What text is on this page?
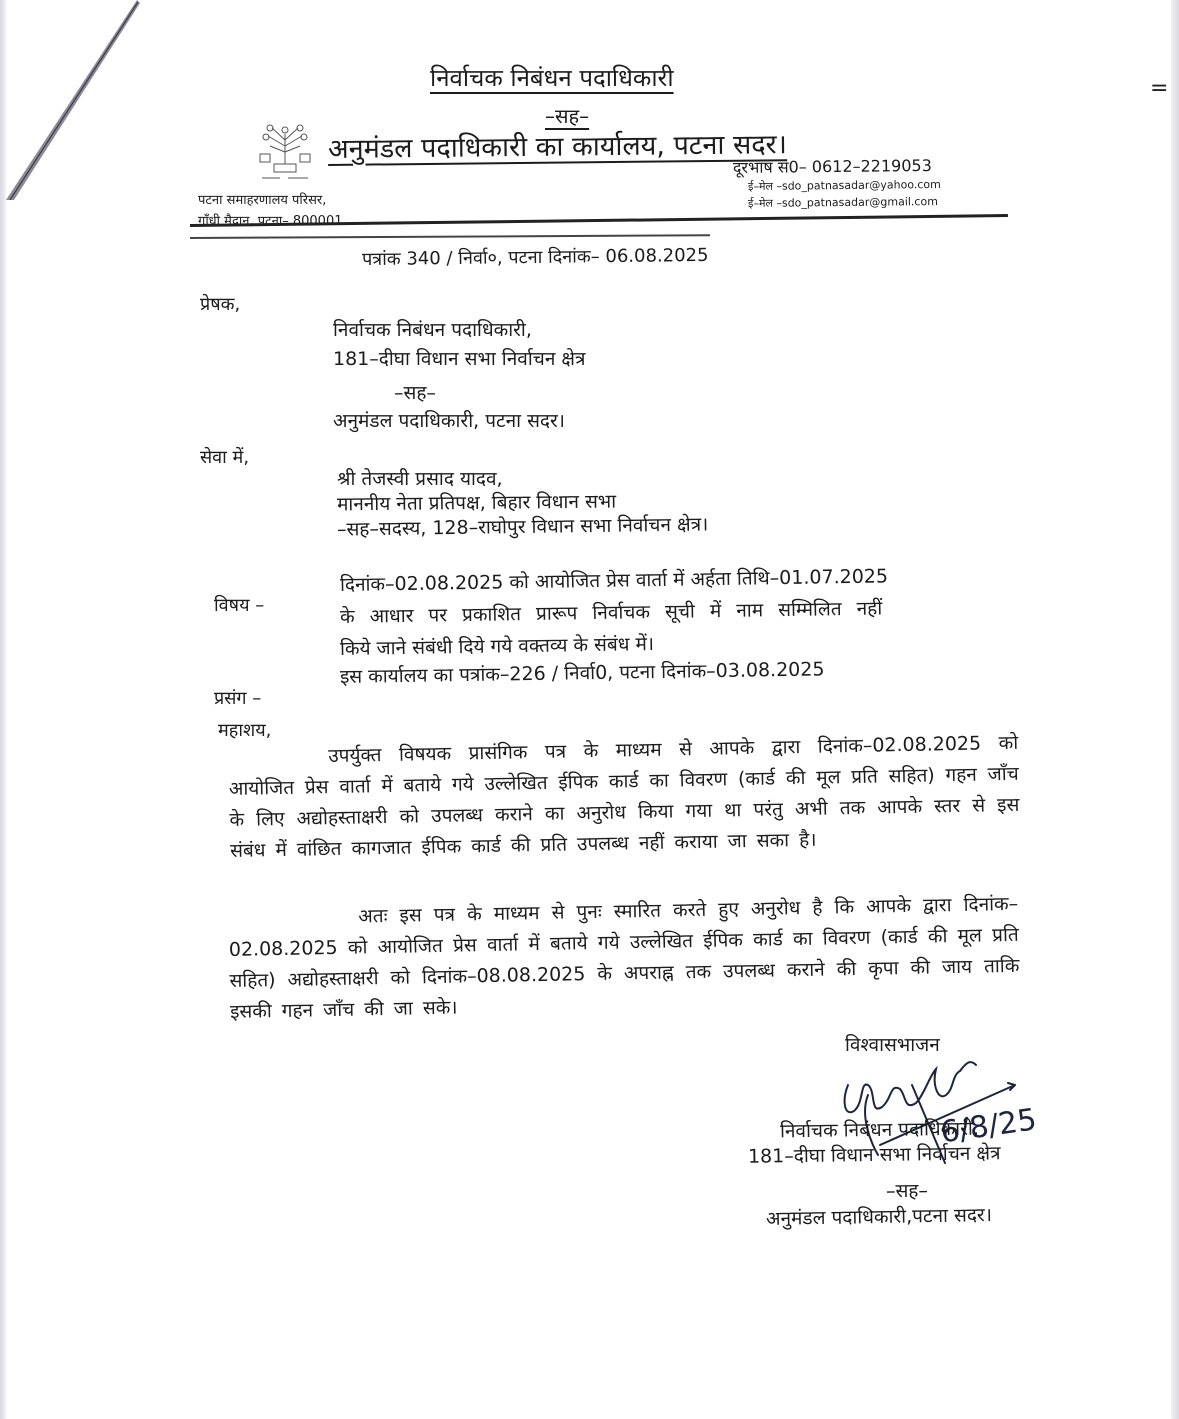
=
निर्वाचक निबंधन पदाधिकारी
–सह–
अनुमंडल पदाधिकारी का कार्यालय, पटना सदर।
दूरभाष सं0– 0612–2219053
ई–मेल –sdo_patnasadar@yahoo.com
ई–मेल –sdo_patnasadar@gmail.com
पटना समाहरणालय परिसर,
गाँधी मैदान, पटना– 800001
पत्रांक 340 / निर्वा०, पटना दिनांक– 06.08.2025
प्रेषक,
निर्वाचक निबंधन पदाधिकारी,
181–दीघा विधान सभा निर्वाचन क्षेत्र
–सह–
अनुमंडल पदाधिकारी, पटना सदर।
सेवा में,
श्री तेजस्वी प्रसाद यादव,
माननीय नेता प्रतिपक्ष, बिहार विधान सभा
–सह–सदस्य, 128–राघोपुर विधान सभा निर्वाचन क्षेत्र।
विषय –
दिनांक–02.08.2025 को आयोजित प्रेस वार्ता में अर्हता तिथि–01.07.2025
के आधार पर प्रकाशित प्रारूप निर्वाचक सूची में नाम सम्मिलित नहीं
किये जाने संबंधी दिये गये वक्तव्य के संबंध में।
प्रसंग –
इस कार्यालय का पत्रांक–226 / निर्वा0, पटना दिनांक–03.08.2025
महाशय,
उपर्युक्त विषयक प्रासंगिक पत्र के माध्यम से आपके द्वारा दिनांक–02.08.2025 को आयोजित प्रेस वार्ता में बताये गये उल्लेखित ईपिक कार्ड का विवरण (कार्ड की मूल प्रति सहित) गहन जाँच के लिए अद्योहस्ताक्षरी को उपलब्ध कराने का अनुरोध किया गया था परंतु अभी तक आपके स्तर से इस संबंध में वांछित कागजात ईपिक कार्ड की प्रति उपलब्ध नहीं कराया जा सका है।
अतः इस पत्र के माध्यम से पुनः स्मारित करते हुए अनुरोध है कि आपके द्वारा दिनांक–02.08.2025 को आयोजित प्रेस वार्ता में बताये गये उल्लेखित ईपिक कार्ड का विवरण (कार्ड की मूल प्रति सहित) अद्योहस्ताक्षरी को दिनांक–08.08.2025 के अपराह्न तक उपलब्ध कराने की कृपा की जाय ताकि इसकी गहन जाँच की जा सके।
विश्वासभाजन
6/8/25
निर्वाचक निबंधन पदाधिकारी,
181–दीघा विधान सभा निर्वाचन क्षेत्र
–सह–
अनुमंडल पदाधिकारी,पटना सदर।
